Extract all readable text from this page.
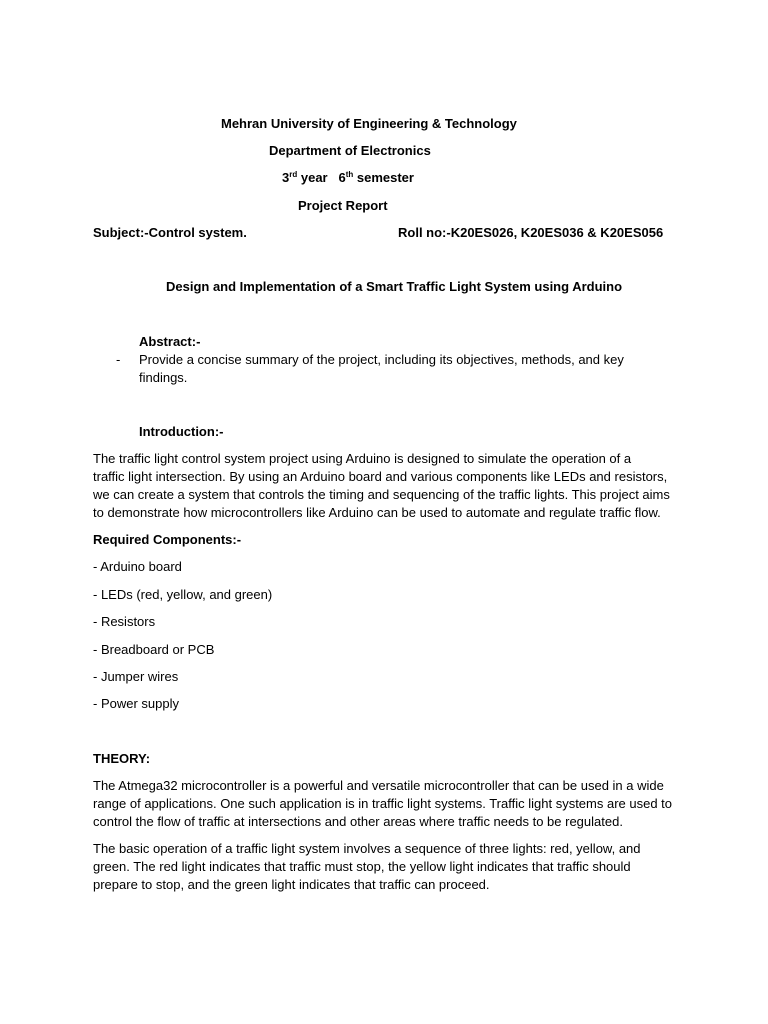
Mehran University of Engineering & Technology
Department of Electronics
3rd year 6th semester
Project Report
Subject:-Control system.	Roll no:-K20ES026, K20ES036 & K20ES056
Design and Implementation of a Smart Traffic Light System using Arduino
Abstract:-
- Provide a concise summary of the project, including its objectives, methods, and key
findings.
Introduction:-
The traffic light control system project using Arduino is designed to simulate the operation of a
traffic light intersection. By using an Arduino board and various components like LEDs and resistors,
we can create a system that controls the timing and sequencing of the traffic lights. This project aims
to demonstrate how microcontrollers like Arduino can be used to automate and regulate traffic flow.
Required Components:-
- Arduino board
- LEDs (red, yellow, and green)
- Resistors
- Breadboard or PCB
- Jumper wires
- Power supply
THEORY:
The Atmega32 microcontroller is a powerful and versatile microcontroller that can be used in a wide
range of applications. One such application is in traffic light systems. Traffic light systems are used to
control the flow of traffic at intersections and other areas where traffic needs to be regulated.
The basic operation of a traffic light system involves a sequence of three lights: red, yellow, and
green. The red light indicates that traffic must stop, the yellow light indicates that traffic should
prepare to stop, and the green light indicates that traffic can proceed.
